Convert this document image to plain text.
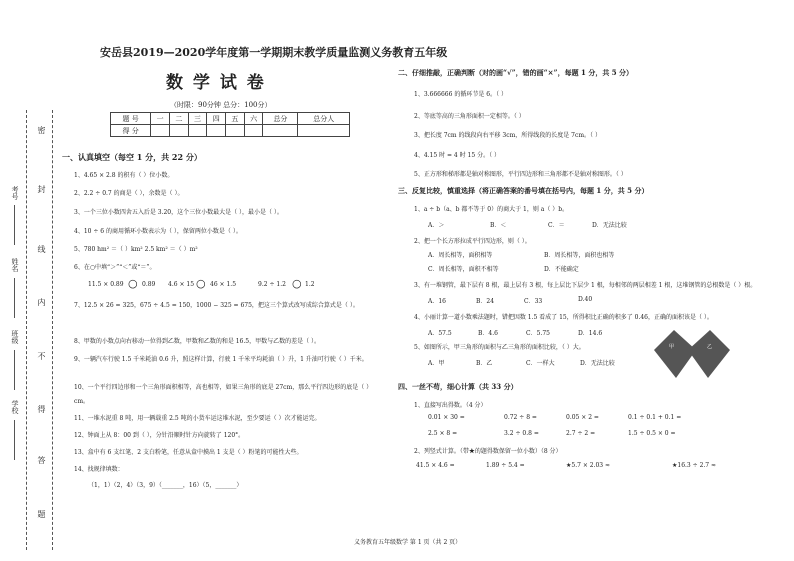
密
封
线
内
不
得
答
题
考号
姓名
班级
学校
安岳县2019—2020学年度第一学期期末教学质量监测义务教育五年级
数 学 试 卷
（时限：90分钟 总分：100分）
题 号	一	二	三	四	五	六	总分	总分人
得 分								
一、认真填空（每空 1 分，共 22 分）
1、4.65 × 2.8 的积有（ ）位小数。
2、2.2 ÷ 0.7 的商是（ ），余数是（ ）。
3、一个三位小数四舍五入后是 3.20，这个三位小数最大是（ ），最小是（ ）。
4、10 ÷ 6 的商用循环小数表示为（ ），保留两位小数是（ ）。
5、780 hm² ＝（ ）km² 2.5 km² ＝（ ）m²
6、在○中填“＞”“＜”或“＝”。
11.5 × 0.89 ○ 0.89 4.6 × 15 ○ 46 × 1.5	9.2 ÷ 1.2 ○ 1.2
7、12.5 × 26 = 325，675 ÷ 4.5 = 150，1000 − 325 = 675，把这三个算式改写成综合算式是（ ）。
8、甲数的小数点向右移动一位得到乙数，甲数和乙数的和是 16.5，甲数与乙数的差是（ ）。
9、一辆汽车行驶 1.5 千米耗油 0.6 升，照这样计算，行驶 1 千米平均耗油（ ）升，1 升油可行驶（ ）千米。
10、一个平行四边形和一个三角形面积相等，高也相等，如果三角形的底是 27cm，那么平行四边形的底是（ ）cm。
11、一堆水泥重 8 吨，用一辆载重 2.5 吨的小货车运这堆水泥，至少要运（ ）次才能运完。
12、钟面上从 8：00 到（ ），分针沿顺时针方向旋转了 120°。
13、盒中有 6 支红笔、2 支白粉笔，任意从盒中摸出 1 支是（ ）粉笔的可能性大些。
14、找规律填数：
（1，1）（2，4）（3，9）（_______，16）（5，_______）
二、仔细推敲，正确判断（对的画“√”，错的画“×”，每题 1 分，共 5 分）
1、3.666666 的循环节是 6。（ ）
2、等底等高的三角形面积一定相等。（ ）
3、把长度 7cm 的线段向右平移 3cm，所得线段的长度是 7cm。（ ）
4、4.15 时 = 4 时 15 分。（ ）
5、正方形和梯形都是轴对称图形，平行四边形和三角形都不是轴对称图形。（ ）
三、反复比较，慎重选择（将正确答案的番号填在括号内，每题 1 分，共 5 分）
1、a ÷ b（a、b 都不等于 0）的商大于 1，则 a（ ）b。
A．＞	B．＜	C．＝	D．无法比较
2、把一个长方形拉成平行四边形，则（ ）。
A．周长相等，面积相等	B．周长相等，面积也相等
C．周长相等，面积不相等	D．不能确定
3、有一堆钢管，最下层有 8 根，最上层有 3 根，每上层比下层少 1 根，每相邻的两层相差 1 根，这堆钢管的总根数是（ ）根。
A．16	B．24	C．33	D.40
4、小丽计算一道小数乘法题时，错把因数 1.5 看成了 15，所得积比正确的积多了 0.46，正确的面积该是（ ）。
A．57.5	B．4.6	C．5.75	D．14.6
5、如图所示，甲三角形的面积与乙三角形的面积比较，（ ）大。
A．甲	B．乙	C．一样大	D．无法比较
甲	乙
四、一丝不苟，细心计算（共 33 分）
1、直接写出得数。（4 分）
0.01 × 30 =	0.72 ÷ 8 =	0.05 × 2 =	0.1 ÷ 0.1 + 0.1 =
2.5 × 8 =	3.2 ÷ 0.8 =	2.7 ÷ 2 =	1.5 ÷ 0.5 × 0 =
2、列竖式计算。（带★的题得数保留一位小数）（8 分）
41.5 × 4.6 =	1.89 ÷ 5.4 =	★5.7 × 2.03 ≈	★16.3 ÷ 2.7 ≈
义务教育五年级数学 第 1 页（共 2 页）
